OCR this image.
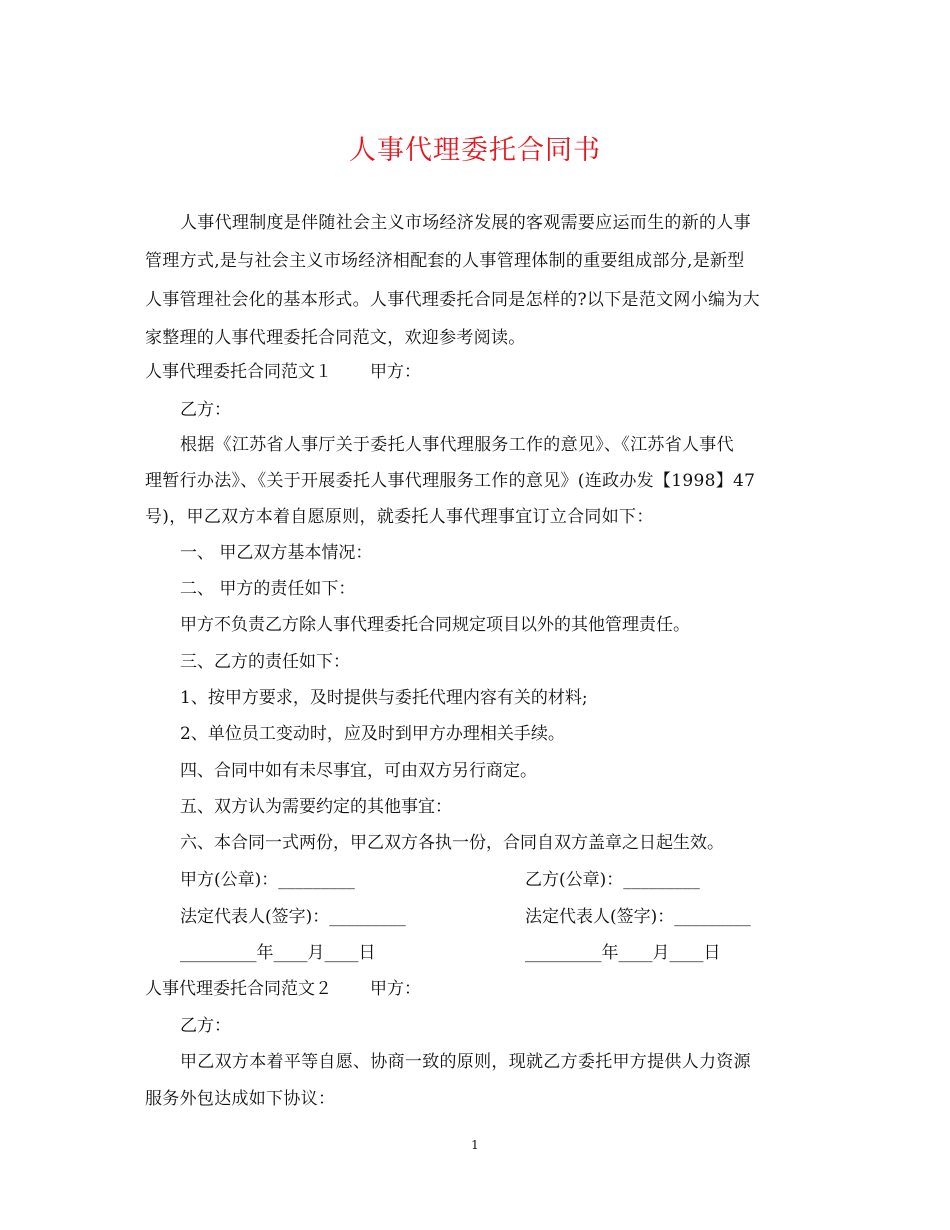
人事代理委托合同书
人事代理制度是伴随社会主义市场经济发展的客观需要应运而生的新的人事
管理方式,是与社会主义市场经济相配套的人事管理体制的重要组成部分,是新型
人事管理社会化的基本形式。人事代理委托合同是怎样的?以下是范文网小编为大
家整理的人事代理委托合同范文，欢迎参考阅读。
人事代理委托合同范文１ 甲方：
乙方：
根据《江苏省人事厅关于委托人事代理服务工作的意见》、《江苏省人事代
理暂行办法》、《关于开展委托人事代理服务工作的意见》(连政办发【1998】47
号)，甲乙双方本着自愿原则，就委托人事代理事宜订立合同如下：
一、 甲乙双方基本情况：
二、 甲方的责任如下：
甲方不负责乙方除人事代理委托合同规定项目以外的其他管理责任。
三、乙方的责任如下：
1、按甲方要求，及时提供与委托代理内容有关的材料;
2、单位员工变动时，应及时到甲方办理相关手续。
四、合同中如有未尽事宜，可由双方另行商定。
五、双方认为需要约定的其他事宜：
六、本合同一式两份，甲乙双方各执一份，合同自双方盖章之日起生效。
甲方(公章)：_________	乙方(公章)：_________
法定代表人(签字)：_________	法定代表人(签字)：_________
_________年____月____日	_________年____月____日
人事代理委托合同范文２ 甲方：
乙方：
甲乙双方本着平等自愿、协商一致的原则，现就乙方委托甲方提供人力资源
服务外包达成如下协议：
1
